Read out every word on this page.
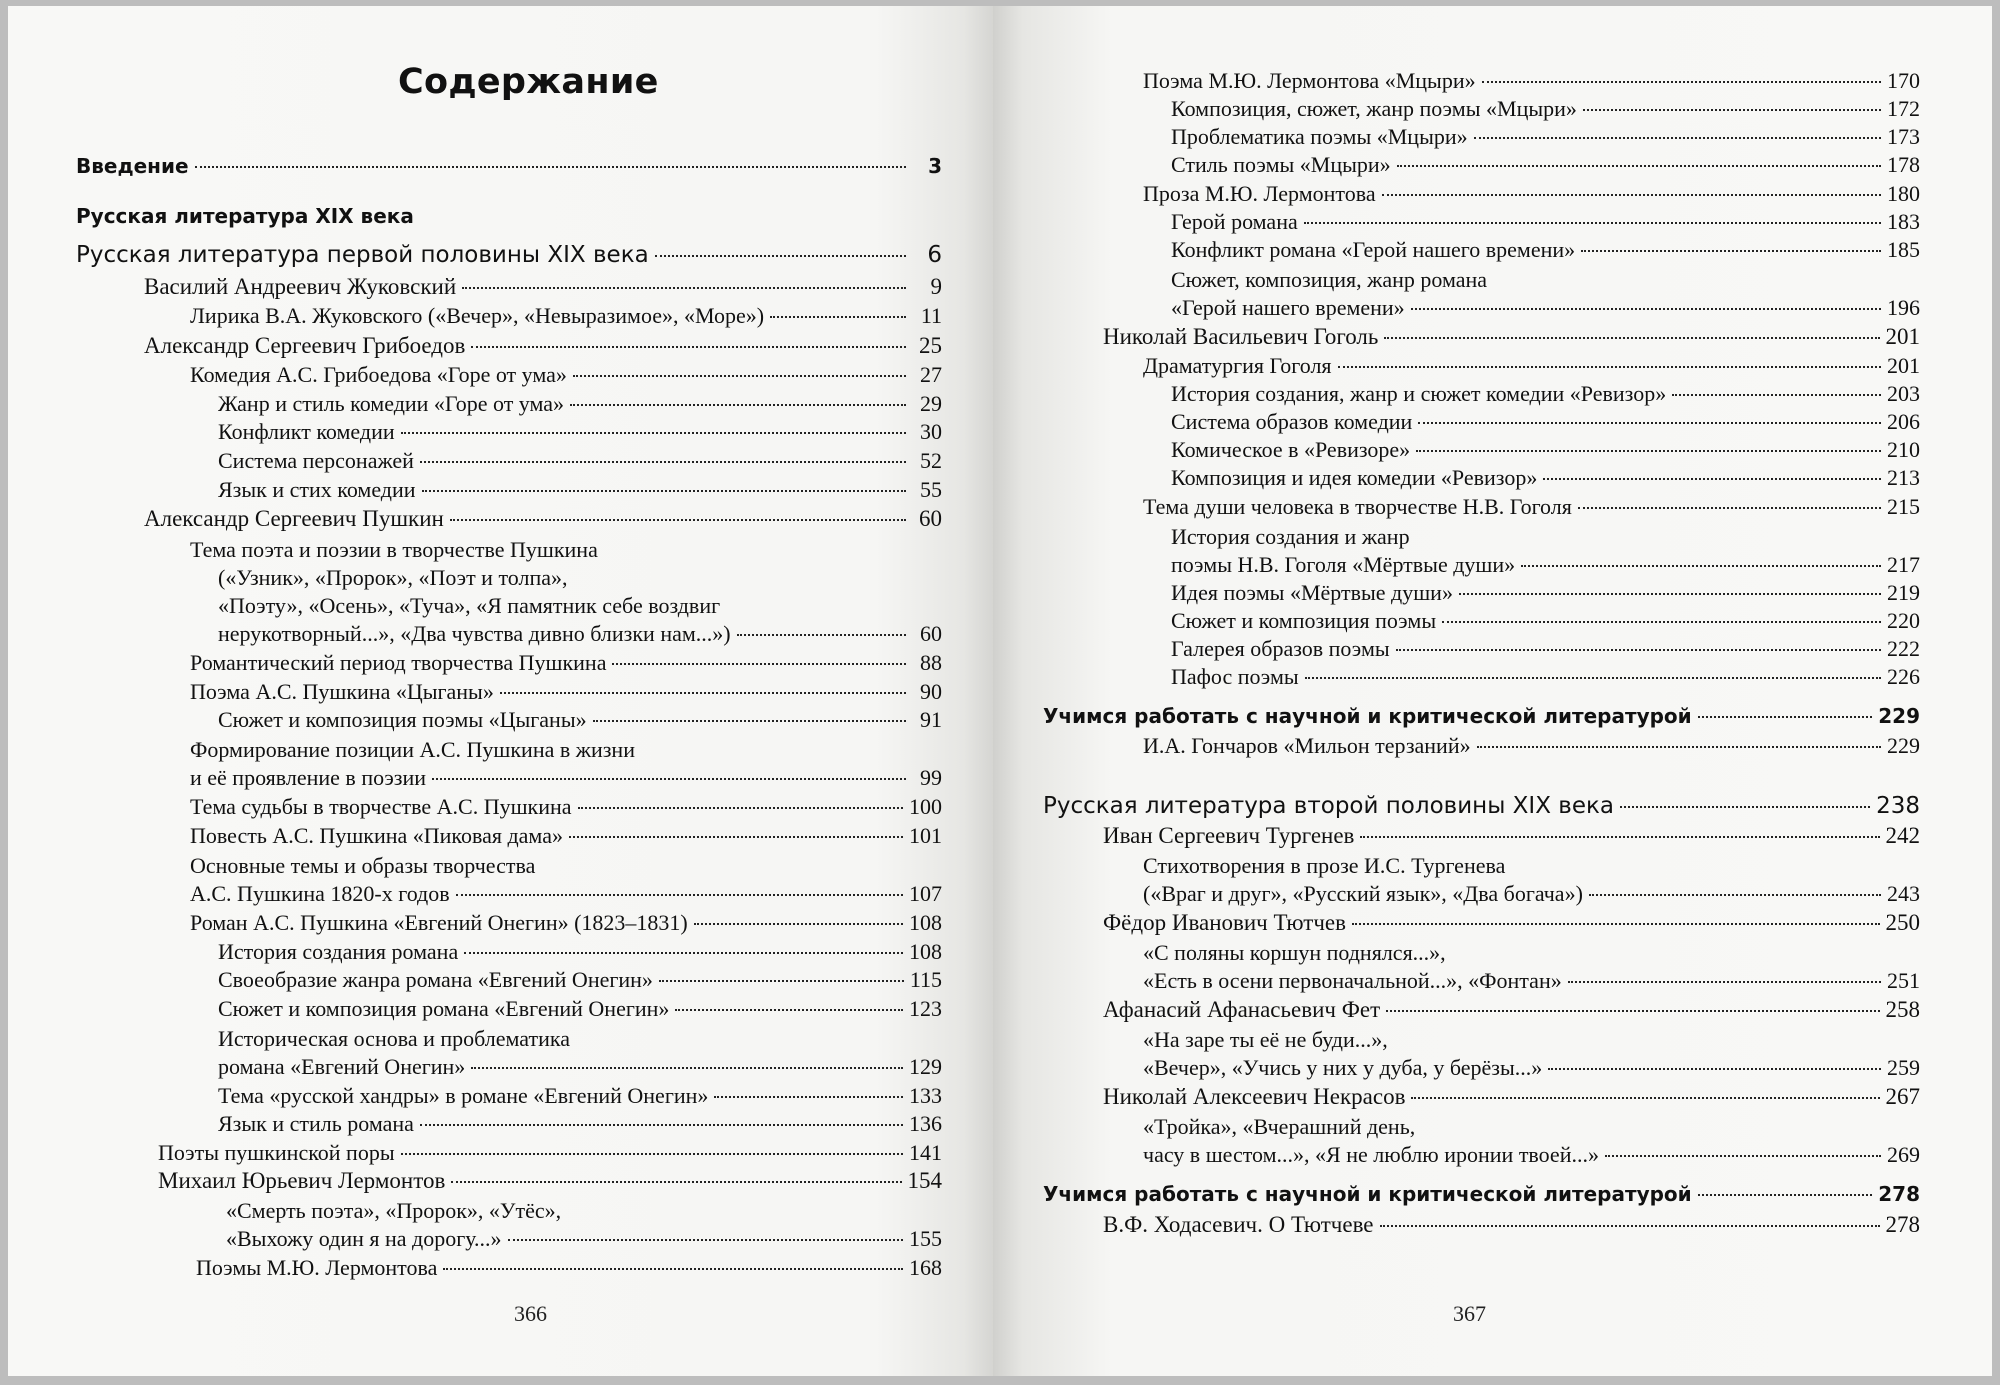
Содержание
Введение	3
Русская литература XIX века
Русская литература первой половины XIX века	6
Василий Андреевич Жуковский	9
Лирика В.А. Жуковского («Вечер», «Невыразимое», «Море»)	11
Александр Сергеевич Грибоедов	25
Комедия А.С. Грибоедова «Горе от ума»	27
Жанр и стиль комедии «Горе от ума»	29
Конфликт комедии	30
Система персонажей	52
Язык и стих комедии	55
Александр Сергеевич Пушкин	60
Тема поэта и поэзии в творчестве Пушкина
(«Узник», «Пророк», «Поэт и толпа»,
«Поэту», «Осень», «Туча», «Я памятник себе воздвиг
нерукотворный...», «Два чувства дивно близки нам...»)	60
Романтический период творчества Пушкина	88
Поэма А.С. Пушкина «Цыганы»	90
Сюжет и композиция поэмы «Цыганы»	91
Формирование позиции А.С. Пушкина в жизни
и её проявление в поэзии	99
Тема судьбы в творчестве А.С. Пушкина	100
Повесть А.С. Пушкина «Пиковая дама»	101
Основные темы и образы творчества
А.С. Пушкина 1820-х годов	107
Роман А.С. Пушкина «Евгений Онегин» (1823–1831)	108
История создания романа	108
Своеобразие жанра романа «Евгений Онегин»	115
Сюжет и композиция романа «Евгений Онегин»	123
Историческая основа и проблематика
романа «Евгений Онегин»	129
Тема «русской хандры» в романе «Евгений Онегин»	133
Язык и стиль романа	136
Поэты пушкинской поры	141
Михаил Юрьевич Лермонтов	154
«Смерть поэта», «Пророк», «Утёс»,
«Выхожу один я на дорогу...»	155
Поэмы М.Ю. Лермонтова	168
366
Поэма М.Ю. Лермонтова «Мцыри»	170
Композиция, сюжет, жанр поэмы «Мцыри»	172
Проблематика поэмы «Мцыри»	173
Стиль поэмы «Мцыри»	178
Проза М.Ю. Лермонтова	180
Герой романа	183
Конфликт романа «Герой нашего времени»	185
Сюжет, композиция, жанр романа
«Герой нашего времени»	196
Николай Васильевич Гоголь	201
Драматургия Гоголя	201
История создания, жанр и сюжет комедии «Ревизор»	203
Система образов комедии	206
Комическое в «Ревизоре»	210
Композиция и идея комедии «Ревизор»	213
Тема души человека в творчестве Н.В. Гоголя	215
История создания и жанр
поэмы Н.В. Гоголя «Мёртвые души»	217
Идея поэмы «Мёртвые души»	219
Сюжет и композиция поэмы	220
Галерея образов поэмы	222
Пафос поэмы	226
Учимся работать с научной и критической литературой	229
И.А. Гончаров «Мильон терзаний»	229
Русская литература второй половины XIX века	238
Иван Сергеевич Тургенев	242
Стихотворения в прозе И.С. Тургенева
(«Враг и друг», «Русский язык», «Два богача»)	243
Фёдор Иванович Тютчев	250
«С поляны коршун поднялся...»,
«Есть в осени первоначальной...», «Фонтан»	251
Афанасий Афанасьевич Фет	258
«На заре ты её не буди...»,
«Вечер», «Учись у них у дуба, у берёзы...»	259
Николай Алексеевич Некрасов	267
«Тройка», «Вчерашний день,
часу в шестом...», «Я не люблю иронии твоей...»	269
Учимся работать с научной и критической литературой	278
В.Ф. Ходасевич. О Тютчеве	278
367
